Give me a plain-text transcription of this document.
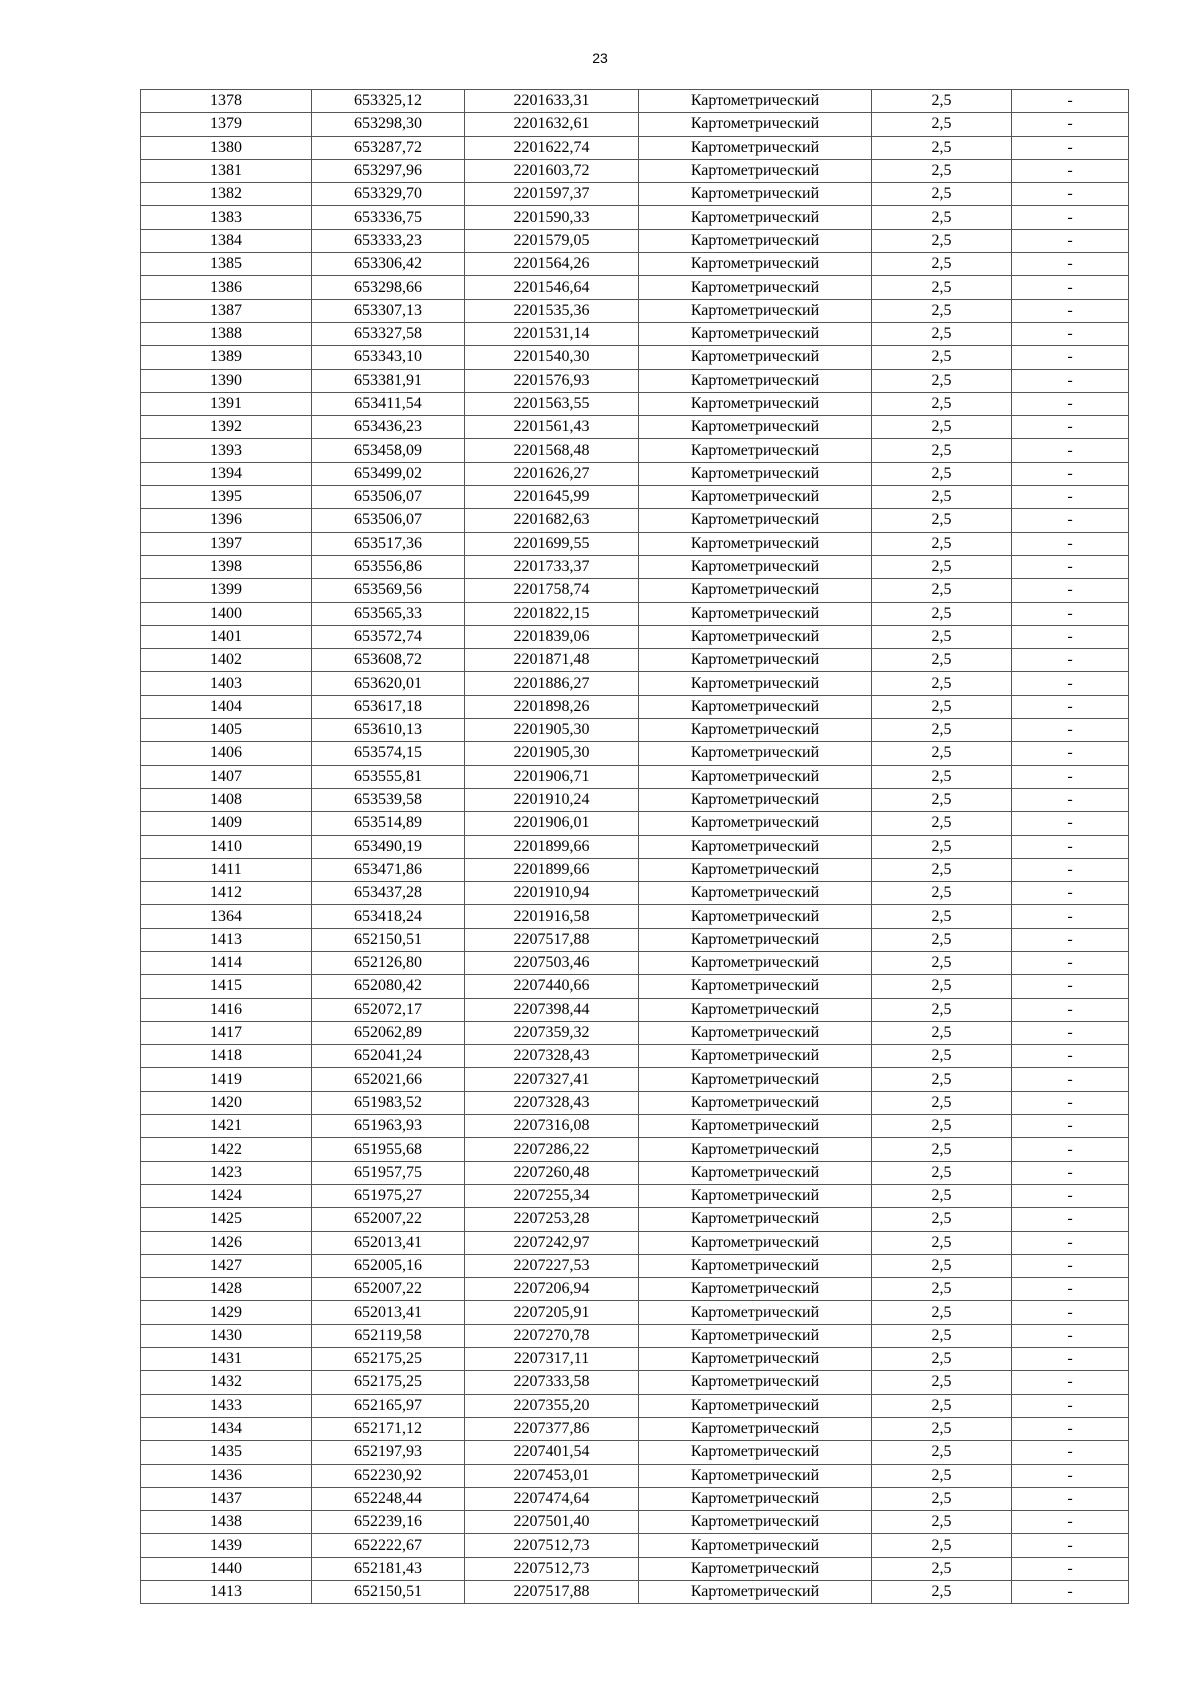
23
1378	653325,12	2201633,31	Картометрический	2,5	-
1379	653298,30	2201632,61	Картометрический	2,5	-
1380	653287,72	2201622,74	Картометрический	2,5	-
1381	653297,96	2201603,72	Картометрический	2,5	-
1382	653329,70	2201597,37	Картометрический	2,5	-
1383	653336,75	2201590,33	Картометрический	2,5	-
1384	653333,23	2201579,05	Картометрический	2,5	-
1385	653306,42	2201564,26	Картометрический	2,5	-
1386	653298,66	2201546,64	Картометрический	2,5	-
1387	653307,13	2201535,36	Картометрический	2,5	-
1388	653327,58	2201531,14	Картометрический	2,5	-
1389	653343,10	2201540,30	Картометрический	2,5	-
1390	653381,91	2201576,93	Картометрический	2,5	-
1391	653411,54	2201563,55	Картометрический	2,5	-
1392	653436,23	2201561,43	Картометрический	2,5	-
1393	653458,09	2201568,48	Картометрический	2,5	-
1394	653499,02	2201626,27	Картометрический	2,5	-
1395	653506,07	2201645,99	Картометрический	2,5	-
1396	653506,07	2201682,63	Картометрический	2,5	-
1397	653517,36	2201699,55	Картометрический	2,5	-
1398	653556,86	2201733,37	Картометрический	2,5	-
1399	653569,56	2201758,74	Картометрический	2,5	-
1400	653565,33	2201822,15	Картометрический	2,5	-
1401	653572,74	2201839,06	Картометрический	2,5	-
1402	653608,72	2201871,48	Картометрический	2,5	-
1403	653620,01	2201886,27	Картометрический	2,5	-
1404	653617,18	2201898,26	Картометрический	2,5	-
1405	653610,13	2201905,30	Картометрический	2,5	-
1406	653574,15	2201905,30	Картометрический	2,5	-
1407	653555,81	2201906,71	Картометрический	2,5	-
1408	653539,58	2201910,24	Картометрический	2,5	-
1409	653514,89	2201906,01	Картометрический	2,5	-
1410	653490,19	2201899,66	Картометрический	2,5	-
1411	653471,86	2201899,66	Картометрический	2,5	-
1412	653437,28	2201910,94	Картометрический	2,5	-
1364	653418,24	2201916,58	Картометрический	2,5	-
1413	652150,51	2207517,88	Картометрический	2,5	-
1414	652126,80	2207503,46	Картометрический	2,5	-
1415	652080,42	2207440,66	Картометрический	2,5	-
1416	652072,17	2207398,44	Картометрический	2,5	-
1417	652062,89	2207359,32	Картометрический	2,5	-
1418	652041,24	2207328,43	Картометрический	2,5	-
1419	652021,66	2207327,41	Картометрический	2,5	-
1420	651983,52	2207328,43	Картометрический	2,5	-
1421	651963,93	2207316,08	Картометрический	2,5	-
1422	651955,68	2207286,22	Картометрический	2,5	-
1423	651957,75	2207260,48	Картометрический	2,5	-
1424	651975,27	2207255,34	Картометрический	2,5	-
1425	652007,22	2207253,28	Картометрический	2,5	-
1426	652013,41	2207242,97	Картометрический	2,5	-
1427	652005,16	2207227,53	Картометрический	2,5	-
1428	652007,22	2207206,94	Картометрический	2,5	-
1429	652013,41	2207205,91	Картометрический	2,5	-
1430	652119,58	2207270,78	Картометрический	2,5	-
1431	652175,25	2207317,11	Картометрический	2,5	-
1432	652175,25	2207333,58	Картометрический	2,5	-
1433	652165,97	2207355,20	Картометрический	2,5	-
1434	652171,12	2207377,86	Картометрический	2,5	-
1435	652197,93	2207401,54	Картометрический	2,5	-
1436	652230,92	2207453,01	Картометрический	2,5	-
1437	652248,44	2207474,64	Картометрический	2,5	-
1438	652239,16	2207501,40	Картометрический	2,5	-
1439	652222,67	2207512,73	Картометрический	2,5	-
1440	652181,43	2207512,73	Картометрический	2,5	-
1413	652150,51	2207517,88	Картометрический	2,5	-
